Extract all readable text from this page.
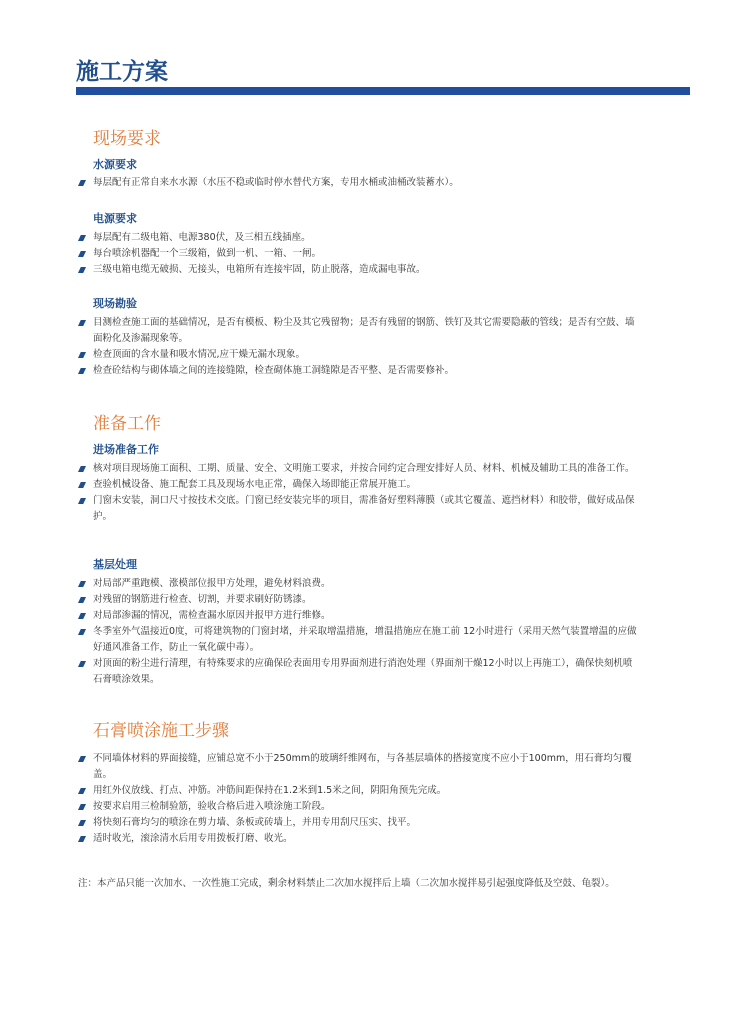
施工方案
现场要求
水源要求
每层配有正常自来水水源（水压不稳或临时停水替代方案，专用水桶或油桶改装蓄水）。
电源要求
每层配有二级电箱、电源380伏，及三相五线插座。
每台喷涂机器配一个三级箱，做到一机、一箱、一闸。
三级电箱电缆无破损、无接头，电箱所有连接牢固，防止脱落，造成漏电事故。
现场勘验
目测检查施工面的基础情况，是否有模板、粉尘及其它残留物；是否有残留的钢筋、铁钉及其它需要隐蔽的管线；是否有空鼓、墙面粉化及渗漏现象等。
检查顶面的含水量和吸水情况,应干燥无漏水现象。
检查砼结构与砌体墙之间的连接缝隙，检查砌体施工洞缝隙是否平整、是否需要修补。
准备工作
进场准备工作
核对项目现场施工面积、工期、质量、安全、文明施工要求，并按合同约定合理安排好人员、材料、机械及辅助工具的准备工作。
查验机械设备、施工配套工具及现场水电正常，确保入场即能正常展开施工。
门窗未安装，洞口尺寸按技术交底。门窗已经安装完毕的项目，需准备好塑料薄膜（或其它覆盖、遮挡材料）和胶带，做好成品保护。
基层处理
对局部严重跑模、涨模部位报甲方处理，避免材料浪费。
对残留的钢筋进行检查、切割，并要求刷好防锈漆。
对局部渗漏的情况，需检查漏水原因并报甲方进行维修。
冬季室外气温接近0度，可将建筑物的门窗封堵，并采取增温措施，增温措施应在施工前 12小时进行（采用天然气装置增温的应做好通风准备工作，防止一氧化碳中毒）。
对顶面的粉尘进行清理，有特殊要求的应确保砼表面用专用界面剂进行消泡处理（界面剂干燥12小时以上再施工），确保快刻机喷石膏喷涂效果。
石膏喷涂施工步骤
不同墙体材料的界面接缝，应铺总宽不小于250mm的玻璃纤维网布，与各基层墙体的搭接宽度不应小于100mm，用石膏均匀覆盖。
用红外仪放线、打点、冲筋。冲筋间距保持在1.2米到1.5米之间，阴阳角预先完成。
按要求启用三检制验筋，验收合格后进入喷涂施工阶段。
将快刻石膏均匀的喷涂在剪力墙、条板或砖墙上，并用专用刮尺压实、找平。
适时收光，滚涂清水后用专用拨板打磨、收光。

注：本产品只能一次加水、一次性施工完成，剩余材料禁止二次加水搅拌后上墙（二次加水搅拌易引起强度降低及空鼓、龟裂）。
